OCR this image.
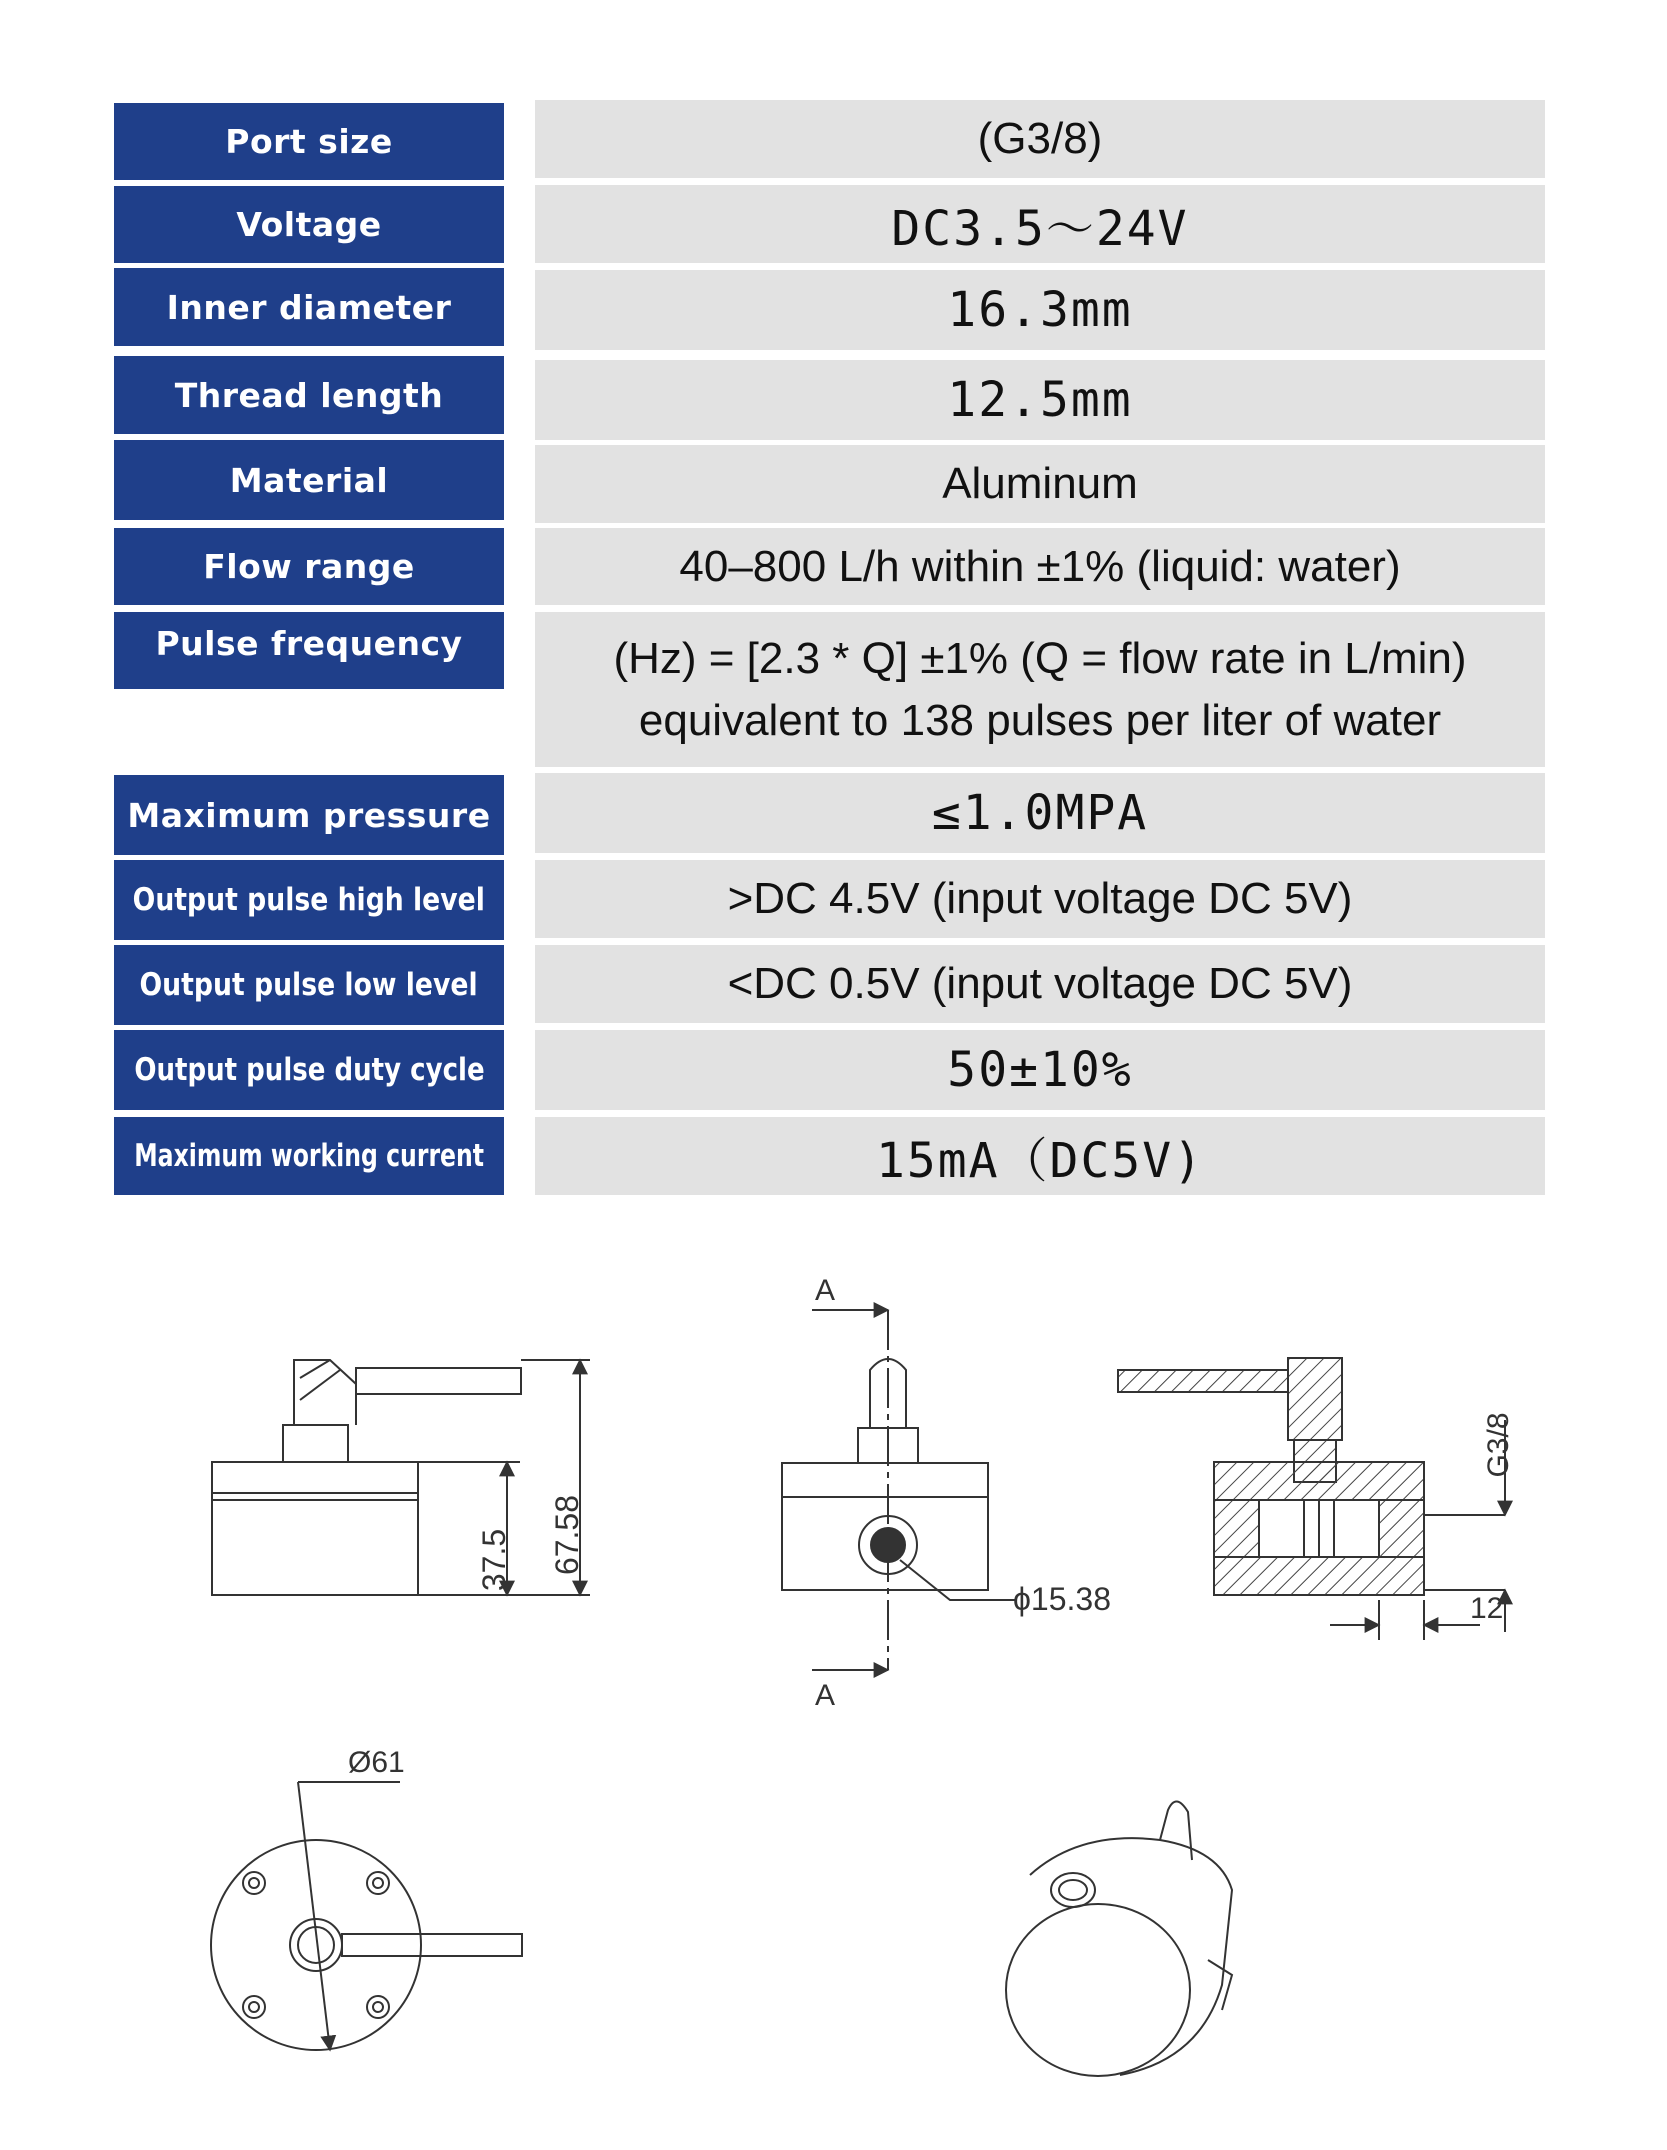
Port size	(G3/8)
Voltage	DC3.5～24V
Inner diameter	16.3mm
Thread length	12.5mm
Material	Aluminum
Flow range	40–800 L/h within ±1% (liquid: water)
Pulse frequency	(Hz) = [2.3 * Q] ±1% (Q = flow rate in L/min)
equivalent to 138 pulses per liter of water
Maximum pressure	≤1.0MPA
Output pulse high level	>DC 4.5V (input voltage DC 5V)
Output pulse low level	<DC 0.5V (input voltage DC 5V)
Output pulse duty cycle	50±10%
Maximum working current	15mA（DC5V)
37.5 67.58
A
A
ϕ15.38
G3/8
12
Ø61
